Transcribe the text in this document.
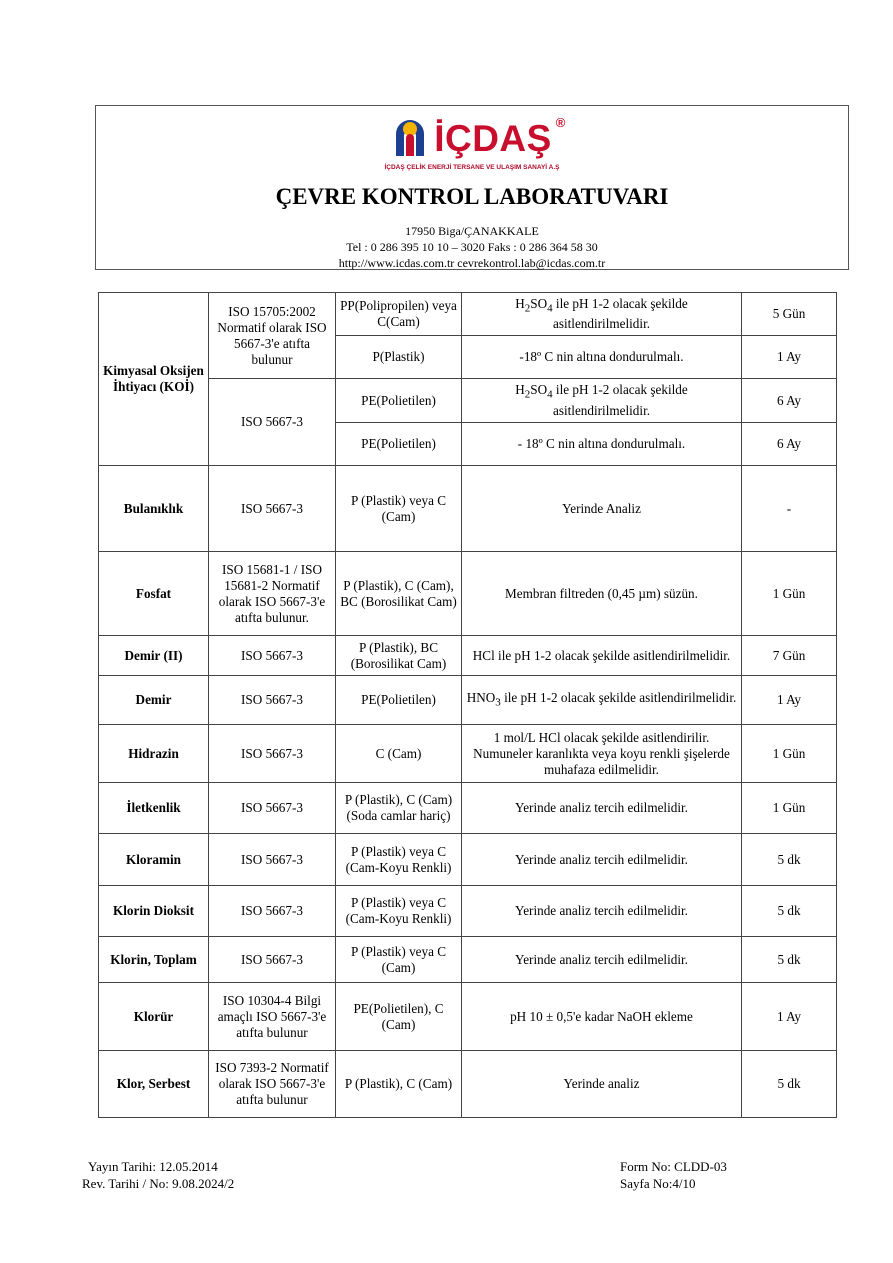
İÇDAŞ ®
İÇDAŞ ÇELİK ENERJİ TERSANE VE ULAŞIM SANAYİ A.Ş
ÇEVRE KONTROL LABORATUVARI
17950 Biga/ÇANAKKALE
Tel : 0 286 395 10 10 – 3020 Faks : 0 286 364 58 30
http://www.icdas.com.tr cevrekontrol.lab@icdas.com.tr
Kimyasal Oksijen İhtiyacı (KOİ)	ISO 15705:2002 Normatif olarak ISO 5667-3'e atıfta bulunur	PP(Polipropilen) veya C(Cam)	$H_2SO_4$ ile pH 1-2 olacak şekilde asitlendirilmelidir.	5 Gün
		P(Plastik)	-18º C nin altına dondurulmalı.	1 Ay
	ISO 5667-3	PE(Polietilen)	$H_2SO_4$ ile pH 1-2 olacak şekilde asitlendirilmelidir.	6 Ay
		PE(Polietilen)	- 18º C nin altına dondurulmalı.	6 Ay
Bulanıklık	ISO 5667-3	P (Plastik) veya C (Cam)	Yerinde Analiz	-
Fosfat	ISO 15681-1 / ISO 15681-2 Normatif olarak ISO 5667-3'e atıfta bulunur.	P (Plastik), C (Cam), BC (Borosilikat Cam)	Membran filtreden (0,45 µm) süzün.	1 Gün
Demir (II)	ISO 5667-3	P (Plastik), BC (Borosilikat Cam)	HCl ile pH 1-2 olacak şekilde asitlendirilmelidir.	7 Gün
Demir	ISO 5667-3	PE(Polietilen)	$HNO_3$ ile pH 1-2 olacak şekilde asitlendirilmelidir.	1 Ay
Hidrazin	ISO 5667-3	C (Cam)	1 mol/L HCl olacak şekilde asitlendirilir. Numuneler karanlıkta veya koyu renkli şişelerde muhafaza edilmelidir.	1 Gün
İletkenlik	ISO 5667-3	P (Plastik), C (Cam) (Soda camlar hariç)	Yerinde analiz tercih edilmelidir.	1 Gün
Kloramin	ISO 5667-3	P (Plastik) veya C (Cam-Koyu Renkli)	Yerinde analiz tercih edilmelidir.	5 dk
Klorin Dioksit	ISO 5667-3	P (Plastik) veya C (Cam-Koyu Renkli)	Yerinde analiz tercih edilmelidir.	5 dk
Klorin, Toplam	ISO 5667-3	P (Plastik) veya C (Cam)	Yerinde analiz tercih edilmelidir.	5 dk
Klorür	ISO 10304-4 Bilgi amaçlı ISO 5667-3'e atıfta bulunur	PE(Polietilen), C (Cam)	pH 10 ± 0,5'e kadar NaOH ekleme	1 Ay
Klor, Serbest	ISO 7393-2 Normatif olarak ISO 5667-3'e atıfta bulunur	P (Plastik), C (Cam)	Yerinde analiz	5 dk
Yayın Tarihi: 12.05.2014
Rev. Tarihi / No: 9.08.2024/2
Form No: CLDD-03
Sayfa No:4/10
